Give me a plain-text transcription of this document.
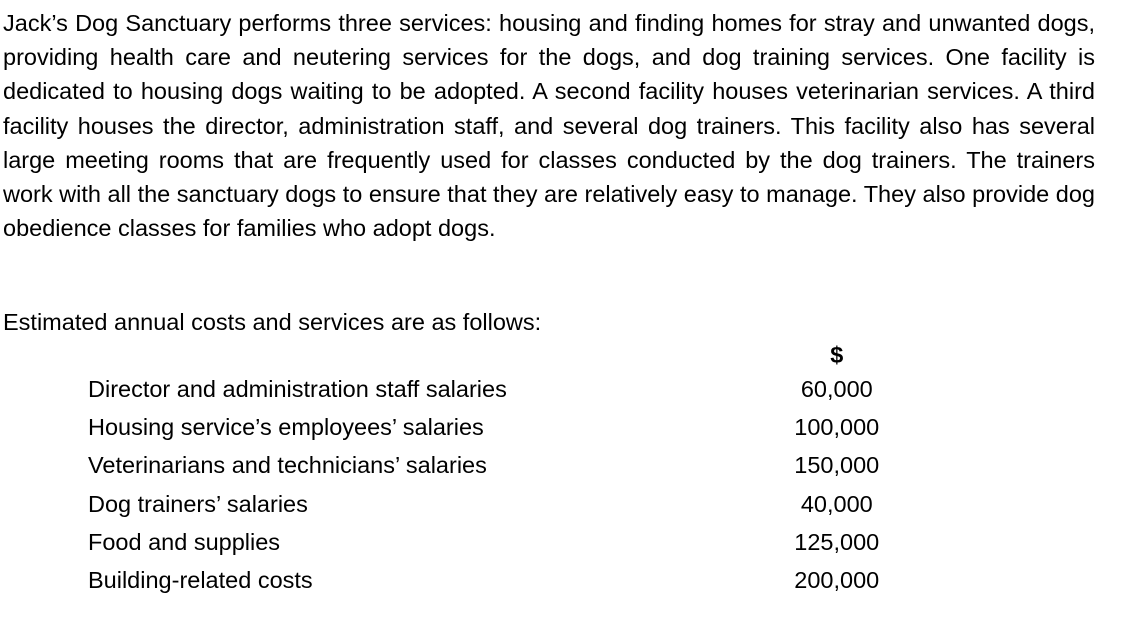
Jack’s Dog Sanctuary performs three services: housing and finding homes for stray and unwanted dogs, providing health care and neutering services for the dogs, and dog training services. One facility is dedicated to housing dogs waiting to be adopted. A second facility houses veterinarian services. A third facility houses the director, administration staff, and several dog trainers. This facility also has several large meeting rooms that are frequently used for classes conducted by the dog trainers. The trainers work with all the sanctuary dogs to ensure that they are relatively easy to manage. They also provide dog obedience classes for families who adopt dogs.

Estimated annual costs and services are as follows:

	$
Director and administration staff salaries	60,000
Housing service’s employees’ salaries	100,000
Veterinarians and technicians’ salaries	150,000
Dog trainers’ salaries	40,000
Food and supplies	125,000
Building-related costs	200,000
